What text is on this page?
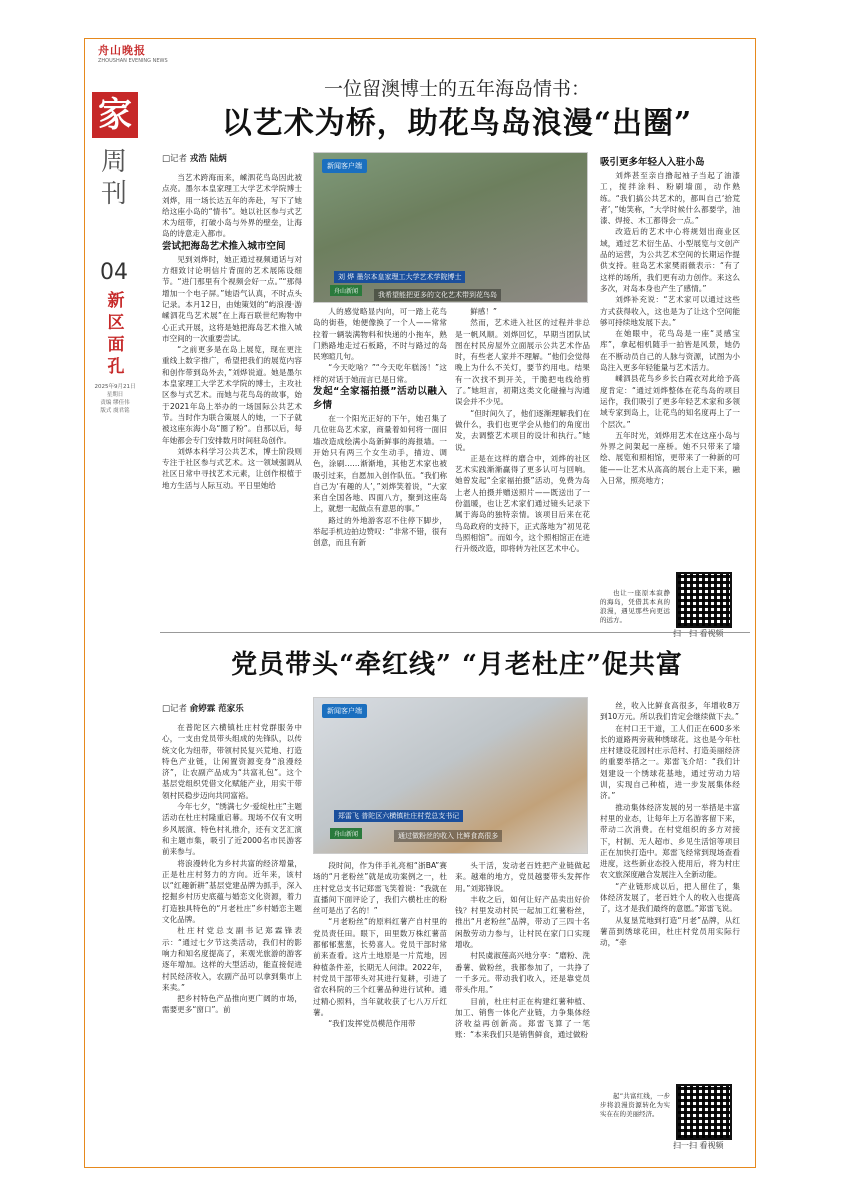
舟山晚报
ZHOUSHAN EVENING NEWS
家
周
刊
04
新
区
面
孔
2025年9月21日
星期日
责编 缪佳伟
版式 虞君铭
一位留澳博士的五年海岛情书：
以艺术为桥，助花鸟岛浪漫“出圈”
□记者 戎浩 陆炳
新闻客户端
刘 烨 墨尔本皇家理工大学艺术学院博士
我希望能把更多的文化艺术带到花鸟岛
舟山新闻

当艺术跨海而来，嵊泗花鸟岛因此被点亮。墨尔本皇家理工大学艺术学院博士刘烨，用一场长达五年的奔赴，写下了她给这座小岛的“情书”。她以社区参与式艺术为纽带，打破小岛与外界的壁垒，让海岛的诗意走入都市。

尝试把海岛艺术推入城市空间

见到刘烨时，她正通过视频通话与对方细致讨论明信片背面的艺术展陈设细节。“进门那里有个视频会好一点。”“那得增加一个电子屏。”她语气认真，不时点头记录。本月12日，由她策划的“屿浪漫·游嵊泗花鸟艺术展”在上海百联世纪购物中心正式开展，这将是她把海岛艺术推入城市空间的一次重要尝试。

“之前更多是在岛上展览，现在更注重线上数字推广，希望把我们的展览内容和创作带到岛外去，”刘烨说道。她是墨尔本皇家理工大学艺术学院的博士，主攻社区参与式艺术。而她与花鸟岛的故事，始于2021年岛上举办的一场国际公共艺术节。当时作为联合策展人的她，一下子就被这座东海小岛“圈了粉”。自那以后，每年她都会专门安排数月时间驻岛创作。

刘烨本科学习公共艺术，博士阶段则专注于社区参与式艺术。这一领域强调从社区日常中寻找艺术元素，让创作根植于地方生活与人际互动。平日里她给

人的感觉略显内向，可一踏上花鸟岛的街巷，她便像换了一个人——常常拉着一辆装满物料和快递的小拖车，熟门熟路地走过石板路，不时与路过的岛民寒暄几句。

“今天吃啥？”“今天吃年糕汤！”这样的对话于她而言已是日常。

发起“全家福拍摄”活动以融入乡情

在一个阳光正好的下午，她召集了几位驻岛艺术家，商量着如何将一面旧墙改造成绘满小岛新鲜事的海报墙。一开始只有两三个女生动手，描边、调色，涂刷……渐渐地，其他艺术家也被吸引过来，自愿加入创作队伍。“我们称自己为‘有趣的人’，”刘烨笑着说，“大家来自全国各地、四面八方，聚到这座岛上，就想一起做点有意思的事。”

路过的外地游客忍不住停下脚步，举起手机边拍边赞叹：“非常不错，很有创意，而且有新

鲜感！”

然而，艺术进入社区的过程并非总是一帆风顺。刘烨回忆，早期当团队试图在村民房屋外立面展示公共艺术作品时，有些老人家并不理解。“他们会觉得晚上为什么不关灯，要节约用电。结果有一次找不到开关，干脆把电线给剪了。”她坦言，初期这类文化碰撞与沟通误会并不少见。

“但时间久了，他们逐渐理解我们在做什么，我们也更学会从他们的角度出发，去调整艺术项目的设计和执行。”她说。

正是在这样的磨合中，刘烨的社区艺术实践渐渐赢得了更多认可与回响。她曾发起“全家福拍摄”活动，免费为岛上老人拍摄并赠送照片——既送出了一份温暖，也让艺术家们通过镜头记录下属于海岛的独特亲情。该项目后来在花鸟岛政府的支持下，正式落地为“初见花鸟照相馆”。而如今，这个照相馆正在进行升级改造，即将转为社区艺术中心。

吸引更多年轻人入驻小岛

刘烨甚至亲自撸起袖子当起了油漆工，搅拌涂料、粉刷墙面，动作熟练。“我们搞公共艺术的，都叫自己‘拾荒者’，”她笑称，“大学时候什么都要学，油漆、焊接、木工都得会一点。”

改造后的艺术中心将规划出商业区域，通过艺术衍生品、小型展览与文创产品的运营，为公共艺术空间的长期运作提供支持。驻岛艺术家樊雨薇表示：“有了这样的场所，我们更有动力创作。来这么多次，对岛本身也产生了感情。”

刘烨补充说：“艺术家可以通过这些方式获得收入，这也是为了让这个空间能够可持续地发展下去。”

在她眼中，花鸟岛是一座“灵感宝库”，拿起相机随手一拍皆是风景，她仍在不断动员自己的人脉与资源，试图为小岛注入更多年轻能量与艺术活力。

嵊泗县花鸟乡乡长白霞衣对此给予高度肯定：“通过刘烨整体在花鸟岛的项目运作，我们吸引了更多年轻艺术家和多领域专家到岛上，让花鸟的知名度再上了一个层次。”

五年时光，刘烨用艺术在这座小岛与外界之间架起一座桥。她不只带来了墙绘、展览和照相馆，更带来了一种新的可能——让艺术从高高的展台上走下来，融入日常，照亮地方；

也让一座原本寂静的海岛，凭借其本真的浪漫，遇见那些向更远的远方。

扫一扫 看视频
党员带头“牵红线” “月老杜庄”促共富
□记者 俞婷霖 范家乐	新闻客户端
郑雷飞 普陀区六横镇杜庄村党总支书记
通过做粉丝的收入 比鲜食高很多
舟山新闻

在普陀区六横镇杜庄村党群服务中心，一支由党员带头组成的先锋队，以传统文化为纽带，带领村民复兴荒地、打造特色产业链，让闲置资源变身“浪漫经济”，让农副产品成为“共富礼包”。这个基层党组织凭借文化赋能产业，用实干带领村民稳步迈向共同富裕。

今年七夕，“绣满七夕·爱绽杜庄”主题活动在杜庄村隆重启幕。现场不仅有文明乡风展演、特色村礼推介，还有文艺汇演和主题市集，吸引了近2000名市民游客前来参与。

将浪漫转化为乡村共富的经济增量，正是杜庄村努力的方向。近年来，该村以“红趣新耕”基层党建品牌为抓手，深入挖掘乡村历史底蕴与婚恋文化资源，着力打造独具特色的“月老杜庄”乡村婚恋主题文化品牌。

杜庄村党总支副书记郑霖锋表示：“通过七夕节这类活动，我们村的影响力和知名度提高了，来观光旅游的游客逐年增加。这样的大型活动，能直接促进村民经济收入，农副产品可以拿到集市上来卖。”

把乡村特色产品推向更广阔的市场，需要更多“窗口”。前

段时间，作为伴手礼亮相“浙BA”赛场的“月老粉丝”就是成功案例之一，杜庄村党总支书记郑雷飞笑着说：“我就在直播间下面评论了，我们六横杜庄的粉丝可是出了名的！”

“月老粉丝”的原料红薯产自村里的党员责任田。眼下，田里数万株红薯苗都郁郁葱葱，长势喜人。党员干部时常前来查看。这片土地原是一片荒地，因种植条件差，长期无人问津。2022年，村党员干部带头对其进行复耕，引进了省农科院的三个红薯品种进行试种。通过精心照料，当年就收获了七八万斤红薯。

“我们发挥党员模范作用带

头干活，发动老百姓把产业链做起来。越难的地方，党员越要带头发挥作用。”刘郑锋说。

丰收之后，如何让好产品卖出好价钱？村里发动村民一起加工红薯粉丝，推出“月老粉丝”品牌，带动了三四十名闲散劳动力参与，让村民在家门口实现增收。

村民虞淑莲高兴地分享：“磨粉、洗番薯、做粉丝，我都参加了，一共挣了一千多元。带动我们收入，还是靠党员带头作用。”

目前，杜庄村正在构建红薯种植、加工、销售一体化产业链，力争集体经济收益再创新高。郑雷飞算了一笔账：“本来我们只是销售鲜食，通过做粉

丝，收入比鲜食高很多，年增收8万到10万元。所以我们肯定会继续做下去。”

在村口王干道，工人们正在600多米长的道路两旁栽种绣球花。这也是今年杜庄村建设花园村庄示范村、打造美丽经济的重要举措之一。郑雷飞介绍：“我们计划建设一个绣球花基地，通过劳动力培训，实现自己种植，进一步发展集体经济。”

推动集体经济发展的另一举措是丰富村里的业态，让每年上万名游客留下来，带动二次消费。在村党组织的多方对接下，村制、无人超市、乡见生活馆等项目正在加快打造中。郑雷飞经常到现场查看进度，这些新业态投入使用后，将为村庄农文旅深度融合发展注入全新动能。

“产业链形成以后，把人留住了，集体经济发展了，老百姓个人的收入也提高了，这才是我们最终的意愿。”郑雷飞说。

从复垦荒地到打造“月老”品牌，从红薯苗到绣球花田，杜庄村党员用实际行动，“牵

起”共富红线，一步步将浪漫资源转化为实实在在的美丽经济。

扫一扫 看视频
